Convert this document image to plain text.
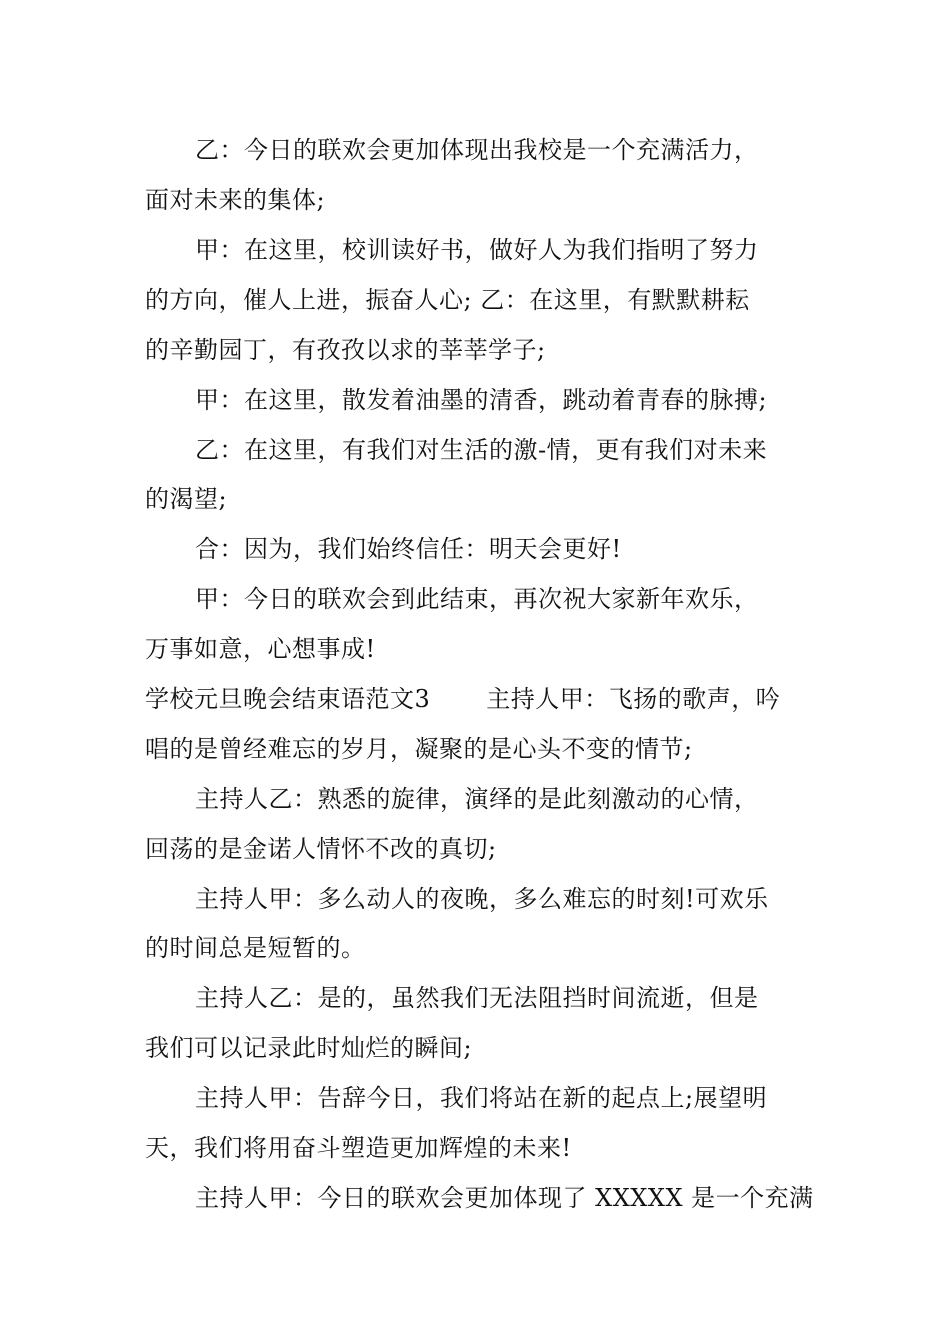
乙：今日的联欢会更加体现出我校是一个充满活力，
面对未来的集体;
甲：在这里，校训读好书，做好人为我们指明了努力
的方向，催人上进，振奋人心; 乙：在这里，有默默耕耘
的辛勤园丁，有孜孜以求的莘莘学子;
甲：在这里，散发着油墨的清香，跳动着青春的脉搏;
乙：在这里，有我们对生活的激-情，更有我们对未来
的渴望;
合：因为，我们始终信任：明天会更好!
甲：今日的联欢会到此结束，再次祝大家新年欢乐，
万事如意，心想事成!
学校元旦晚会结束语范文3 主持人甲：飞扬的歌声，吟
唱的是曾经难忘的岁月，凝聚的是心头不变的情节;
主持人乙：熟悉的旋律，演绎的是此刻激动的心情，
回荡的是金诺人情怀不改的真切;
主持人甲：多么动人的夜晚，多么难忘的时刻!可欢乐
的时间总是短暂的。
主持人乙：是的，虽然我们无法阻挡时间流逝，但是
我们可以记录此时灿烂的瞬间;
主持人甲：告辞今日，我们将站在新的起点上;展望明
天，我们将用奋斗塑造更加辉煌的未来!
主持人甲：今日的联欢会更加体现了 XXXXX 是一个充满
